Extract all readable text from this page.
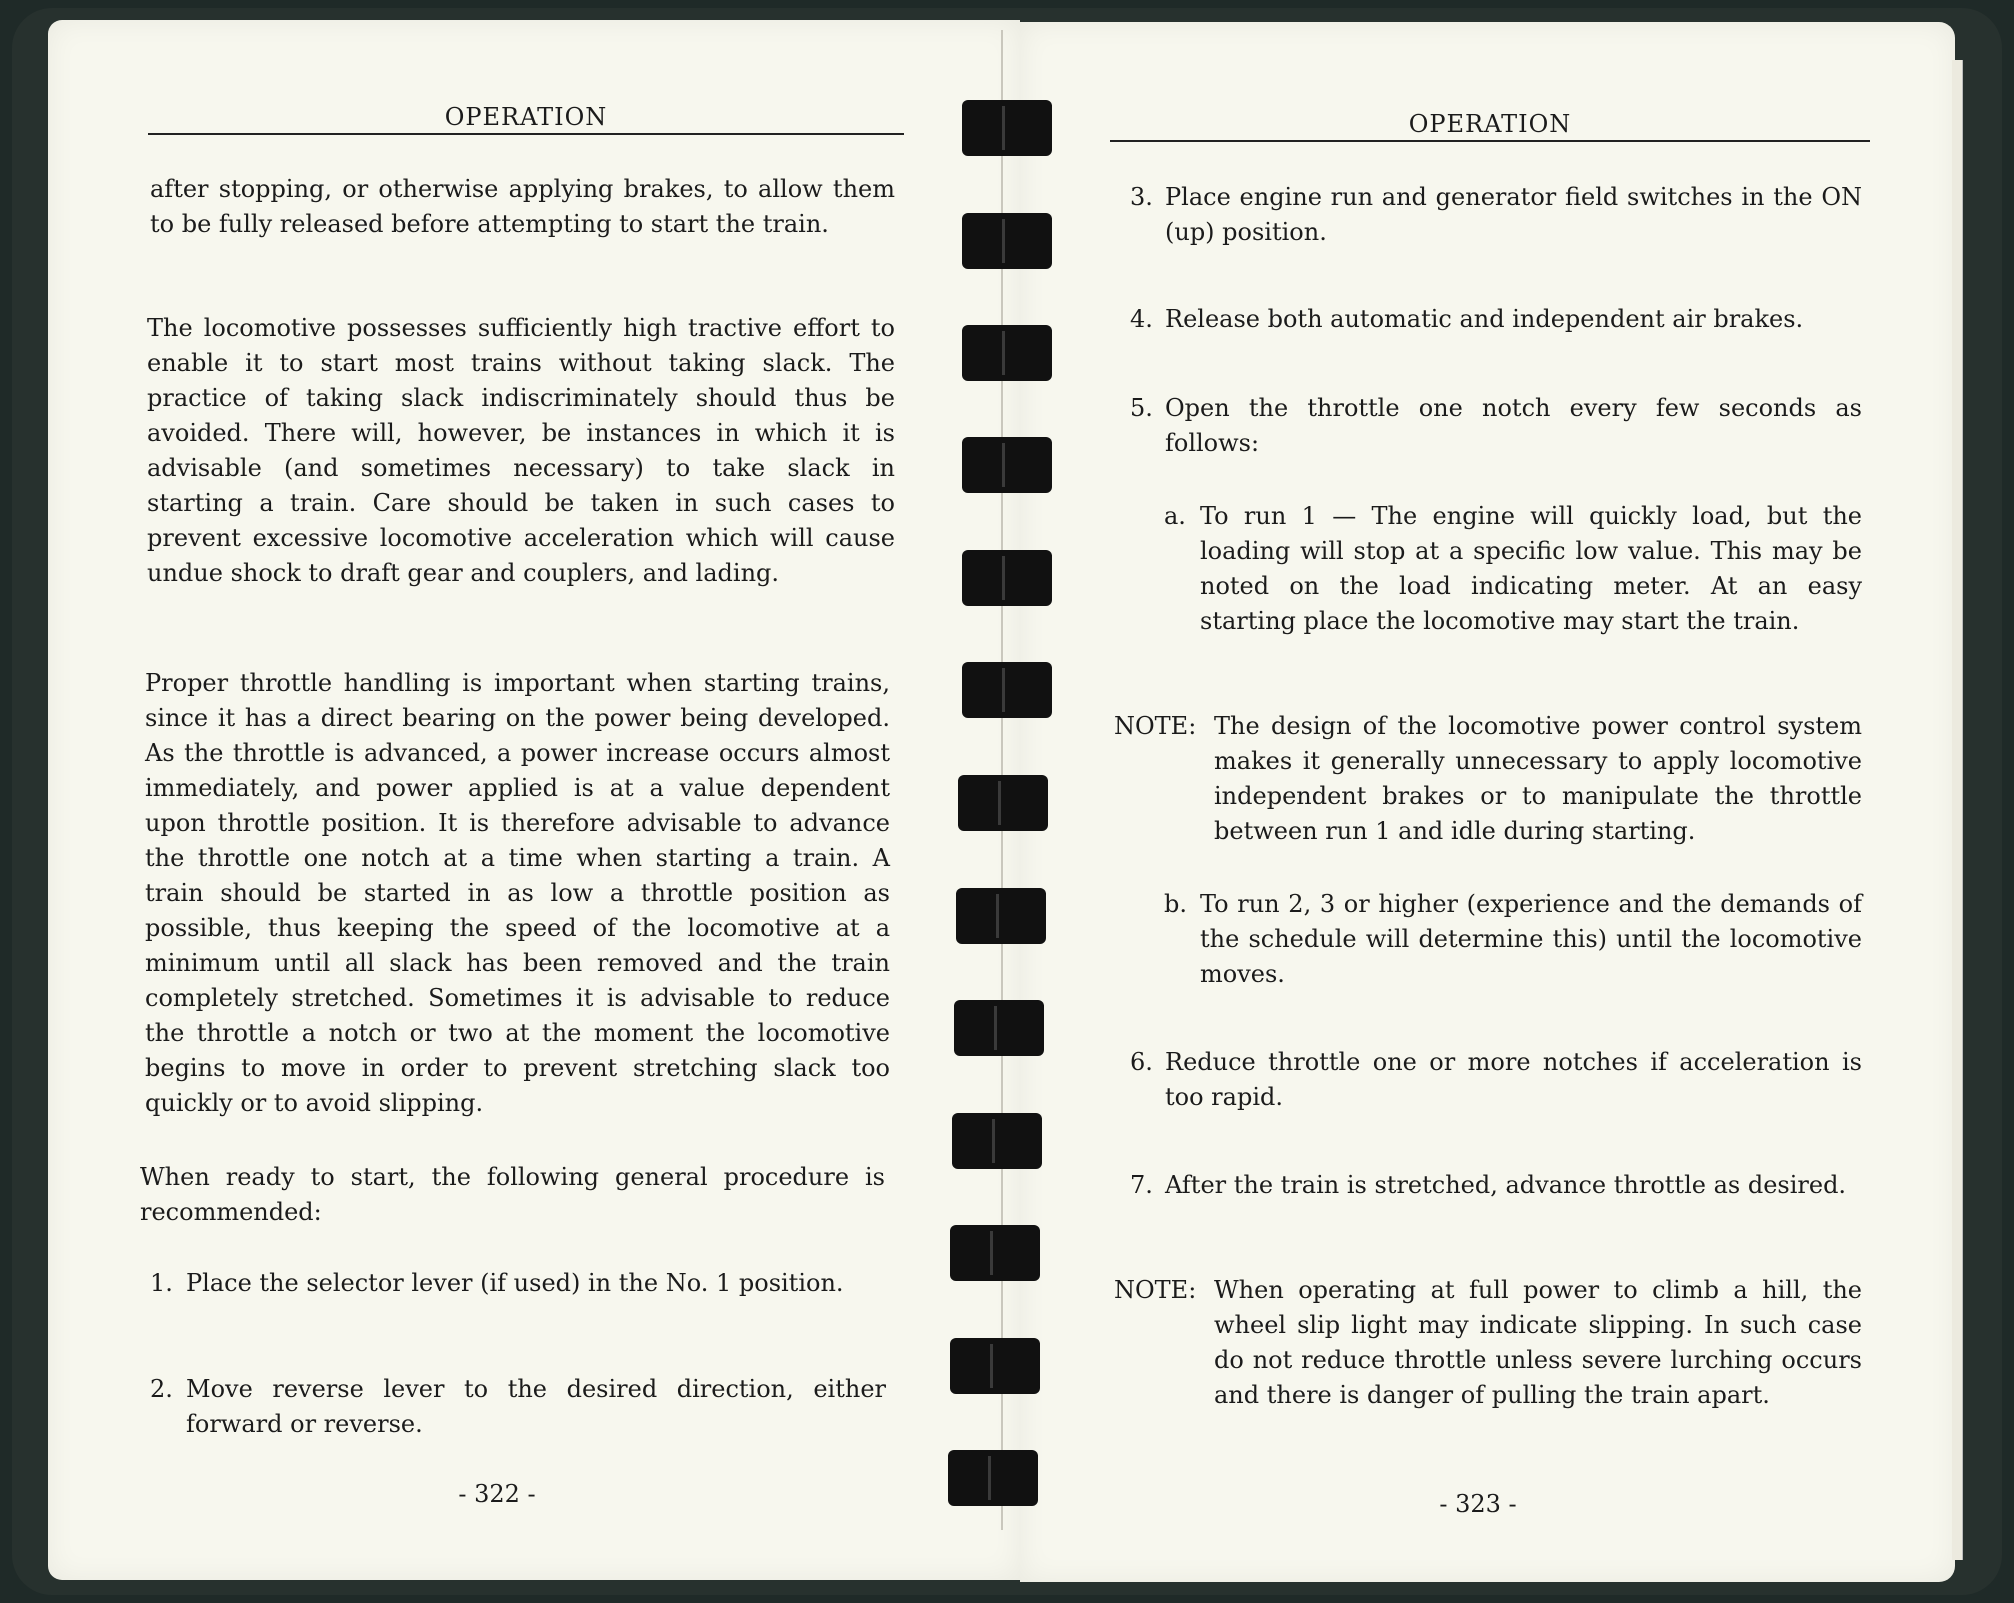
OPERATION

after stopping, or otherwise applying brakes, to allow them to be fully released before attempting to start the train.

The locomotive possesses sufficiently high tractive effort to enable it to start most trains without taking slack. The practice of taking slack indiscriminately should thus be avoided. There will, however, be instances in which it is advisable (and sometimes necessary) to take slack in starting a train. Care should be taken in such cases to prevent excessive locomotive acceleration which will cause undue shock to draft gear and couplers, and lading.

Proper throttle handling is important when starting trains, since it has a direct bearing on the power being developed. As the throttle is advanced, a power increase occurs almost immediately, and power applied is at a value dependent upon throttle position. It is therefore advisable to advance the throttle one notch at a time when starting a train. A train should be started in as low a throttle position as possible, thus keeping the speed of the locomotive at a minimum until all slack has been removed and the train completely stretched. Sometimes it is advisable to reduce the throttle a notch or two at the moment the locomotive begins to move in order to prevent stretching slack too quickly or to avoid slipping.

When ready to start, the following general procedure is recommended:

1. Place the selector lever (if used) in the No. 1 position.
2. Move reverse lever to the desired direction, either forward or reverse.
- 322 -
OPERATION
3. Place engine run and generator field switches in the ON (up) position.
4. Release both automatic and independent air brakes.
5. Open the throttle one notch every few seconds as follows:
a. To run 1 — The engine will quickly load, but the loading will stop at a specific low value. This may be noted on the load indicating meter. At an easy starting place the locomotive may start the train.
NOTE: The design of the locomotive power control system makes it generally unnecessary to apply locomotive independent brakes or to manipulate the throttle between run 1 and idle during starting.
b. To run 2, 3 or higher (experience and the demands of the schedule will determine this) until the locomotive moves.
6. Reduce throttle one or more notches if acceleration is too rapid.
7. After the train is stretched, advance throttle as desired.
NOTE: When operating at full power to climb a hill, the wheel slip light may indicate slipping. In such case do not reduce throttle unless severe lurching occurs and there is danger of pulling the train apart.
- 323 -
